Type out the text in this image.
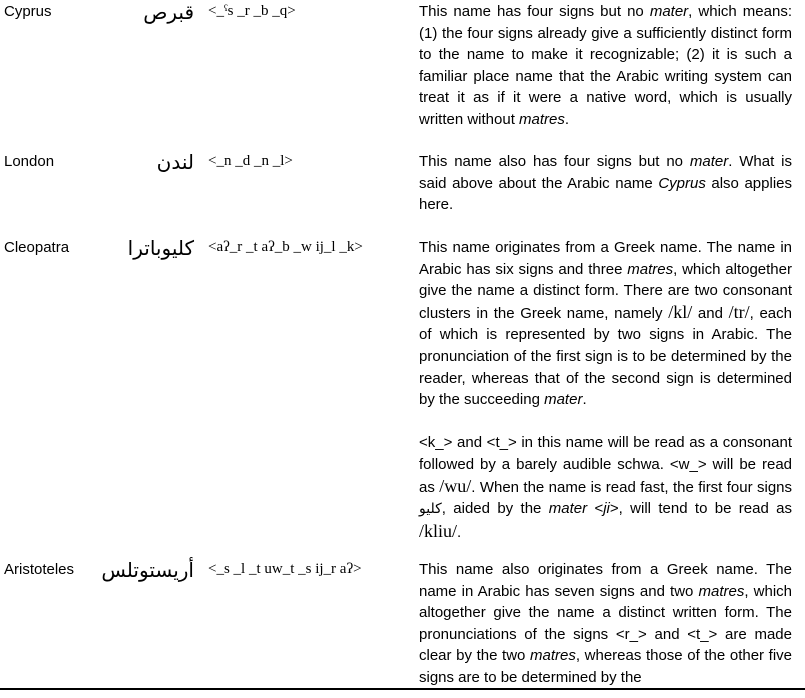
Cyprus	قبرص <_ˤs _r _b _q>	This name has four signs but no mater, which means: (1) the four signs already give a sufficiently distinct form to the name to make it recognizable; (2) it is such a familiar place name that the Arabic writing system can treat it as if it were a native word, which is usually written without matres.

London	لندن <_n _d _n _l>	This name also has four signs but no mater. What is said above about the Arabic name Cyprus also applies here.

Cleopatra	كليوباترا <aʔ_r _t aʔ_b _w ij_l _k>	This name originates from a Greek name. The name in Arabic has six signs and three matres, which altogether give the name a distinct form. There are two consonant clusters in the Greek name, namely /kl/ and /tr/, each of which is represented by two signs in Arabic. The pronunciation of the first sign is to be determined by the reader, whereas that of the second sign is determined by the succeeding mater.

<k_> and <t_> in this name will be read as a consonant followed by a barely audible schwa. <w_> will be read as /wu/. When the name is read fast, the first four signs كليو, aided by the mater <ji>, will tend to be read as /kliu/.

Aristoteles أريستوتلس <_s _l _t uw_t _s ij_r aʔ>	This name also originates from a Greek name. The name in Arabic has seven signs and two matres, which altogether give the name a distinct written form. The pronunciations of the signs <r_> and <t_> are made clear by the two matres, whereas those of the other five signs are to be determined by the
